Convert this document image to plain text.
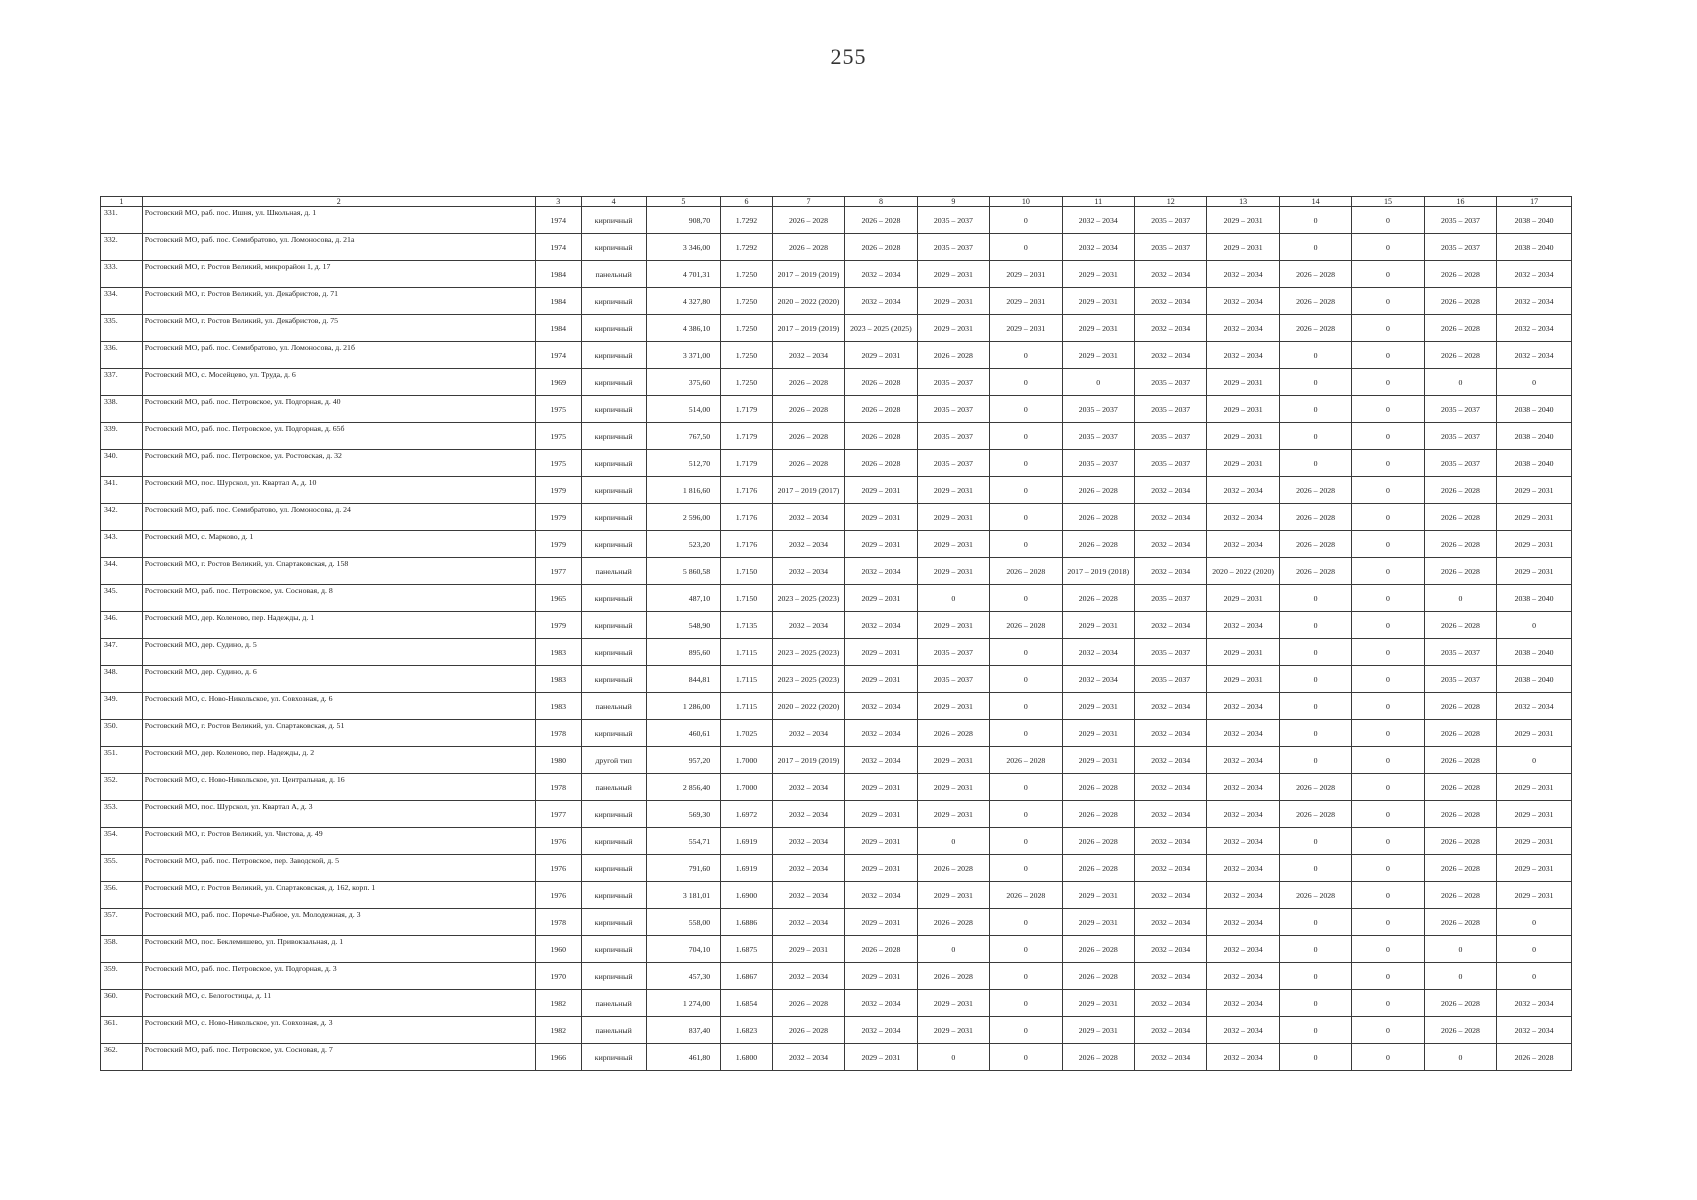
255
1	2	3	4	5	6	7	8	9	10	11	12	13	14	15	16	17
331.	Ростовский МО, раб. пос. Ишня, ул. Школьная, д. 1	1974	кирпичный	908,70	1.7292	2026 – 2028	2026 – 2028	2035 – 2037	0	2032 – 2034	2035 – 2037	2029 – 2031	0	0	2035 – 2037	2038 – 2040
332.	Ростовский МО, раб. пос. Семибратово, ул. Ломоносова, д. 21а	1974	кирпичный	3 346,00	1.7292	2026 – 2028	2026 – 2028	2035 – 2037	0	2032 – 2034	2035 – 2037	2029 – 2031	0	0	2035 – 2037	2038 – 2040
333.	Ростовский МО, г. Ростов Великий, микрорайон 1, д. 17	1984	панельный	4 701,31	1.7250	2017 – 2019 (2019)	2032 – 2034	2029 – 2031	2029 – 2031	2029 – 2031	2032 – 2034	2032 – 2034	2026 – 2028	0	2026 – 2028	2032 – 2034
334.	Ростовский МО, г. Ростов Великий, ул. Декабристов, д. 71	1984	кирпичный	4 327,80	1.7250	2020 – 2022 (2020)	2032 – 2034	2029 – 2031	2029 – 2031	2029 – 2031	2032 – 2034	2032 – 2034	2026 – 2028	0	2026 – 2028	2032 – 2034
335.	Ростовский МО, г. Ростов Великий, ул. Декабристов, д. 75	1984	кирпичный	4 386,10	1.7250	2017 – 2019 (2019)	2023 – 2025 (2025)	2029 – 2031	2029 – 2031	2029 – 2031	2032 – 2034	2032 – 2034	2026 – 2028	0	2026 – 2028	2032 – 2034
336.	Ростовский МО, раб. пос. Семибратово, ул. Ломоносова, д. 21б	1974	кирпичный	3 371,00	1.7250	2032 – 2034	2029 – 2031	2026 – 2028	0	2029 – 2031	2032 – 2034	2032 – 2034	0	0	2026 – 2028	2032 – 2034
337.	Ростовский МО, с. Мосейцево, ул. Труда, д. 6	1969	кирпичный	375,60	1.7250	2026 – 2028	2026 – 2028	2035 – 2037	0	0	2035 – 2037	2029 – 2031	0	0	0	0
338.	Ростовский МО, раб. пос. Петровское, ул. Подгорная, д. 40	1975	кирпичный	514,00	1.7179	2026 – 2028	2026 – 2028	2035 – 2037	0	2035 – 2037	2035 – 2037	2029 – 2031	0	0	2035 – 2037	2038 – 2040
339.	Ростовский МО, раб. пос. Петровское, ул. Подгорная, д. 65б	1975	кирпичный	767,50	1.7179	2026 – 2028	2026 – 2028	2035 – 2037	0	2035 – 2037	2035 – 2037	2029 – 2031	0	0	2035 – 2037	2038 – 2040
340.	Ростовский МО, раб. пос. Петровское, ул. Ростовская, д. 32	1975	кирпичный	512,70	1.7179	2026 – 2028	2026 – 2028	2035 – 2037	0	2035 – 2037	2035 – 2037	2029 – 2031	0	0	2035 – 2037	2038 – 2040
341.	Ростовский МО, пос. Шурскол, ул. Квартал А, д. 10	1979	кирпичный	1 816,60	1.7176	2017 – 2019 (2017)	2029 – 2031	2029 – 2031	0	2026 – 2028	2032 – 2034	2032 – 2034	2026 – 2028	0	2026 – 2028	2029 – 2031
342.	Ростовский МО, раб. пос. Семибратово, ул. Ломоносова, д. 24	1979	кирпичный	2 596,00	1.7176	2032 – 2034	2029 – 2031	2029 – 2031	0	2026 – 2028	2032 – 2034	2032 – 2034	2026 – 2028	0	2026 – 2028	2029 – 2031
343.	Ростовский МО, с. Марково, д. 1	1979	кирпичный	523,20	1.7176	2032 – 2034	2029 – 2031	2029 – 2031	0	2026 – 2028	2032 – 2034	2032 – 2034	2026 – 2028	0	2026 – 2028	2029 – 2031
344.	Ростовский МО, г. Ростов Великий, ул. Спартаковская, д. 158	1977	панельный	5 860,58	1.7150	2032 – 2034	2032 – 2034	2029 – 2031	2026 – 2028	2017 – 2019 (2018)	2032 – 2034	2020 – 2022 (2020)	2026 – 2028	0	2026 – 2028	2029 – 2031
345.	Ростовский МО, раб. пос. Петровское, ул. Сосновая, д. 8	1965	кирпичный	487,10	1.7150	2023 – 2025 (2023)	2029 – 2031	0	0	2026 – 2028	2035 – 2037	2029 – 2031	0	0	0	2038 – 2040
346.	Ростовский МО, дер. Коленово, пер. Надежды, д. 1	1979	кирпичный	548,90	1.7135	2032 – 2034	2032 – 2034	2029 – 2031	2026 – 2028	2029 – 2031	2032 – 2034	2032 – 2034	0	0	2026 – 2028	0
347.	Ростовский МО, дер. Судино, д. 5	1983	кирпичный	895,60	1.7115	2023 – 2025 (2023)	2029 – 2031	2035 – 2037	0	2032 – 2034	2035 – 2037	2029 – 2031	0	0	2035 – 2037	2038 – 2040
348.	Ростовский МО, дер. Судино, д. 6	1983	кирпичный	844,81	1.7115	2023 – 2025 (2023)	2029 – 2031	2035 – 2037	0	2032 – 2034	2035 – 2037	2029 – 2031	0	0	2035 – 2037	2038 – 2040
349.	Ростовский МО, с. Ново-Никольское, ул. Совхозная, д. 6	1983	панельный	1 286,00	1.7115	2020 – 2022 (2020)	2032 – 2034	2029 – 2031	0	2029 – 2031	2032 – 2034	2032 – 2034	0	0	2026 – 2028	2032 – 2034
350.	Ростовский МО, г. Ростов Великий, ул. Спартаковская, д. 51	1978	кирпичный	460,61	1.7025	2032 – 2034	2032 – 2034	2026 – 2028	0	2029 – 2031	2032 – 2034	2032 – 2034	0	0	2026 – 2028	2029 – 2031
351.	Ростовский МО, дер. Коленово, пер. Надежды, д. 2	1980	другой тип	957,20	1.7000	2017 – 2019 (2019)	2032 – 2034	2029 – 2031	2026 – 2028	2029 – 2031	2032 – 2034	2032 – 2034	0	0	2026 – 2028	0
352.	Ростовский МО, с. Ново-Никольское, ул. Центральная, д. 16	1978	панельный	2 856,40	1.7000	2032 – 2034	2029 – 2031	2029 – 2031	0	2026 – 2028	2032 – 2034	2032 – 2034	2026 – 2028	0	2026 – 2028	2029 – 2031
353.	Ростовский МО, пос. Шурскол, ул. Квартал А, д. 3	1977	кирпичный	569,30	1.6972	2032 – 2034	2029 – 2031	2029 – 2031	0	2026 – 2028	2032 – 2034	2032 – 2034	2026 – 2028	0	2026 – 2028	2029 – 2031
354.	Ростовский МО, г. Ростов Великий, ул. Чистова, д. 49	1976	кирпичный	554,71	1.6919	2032 – 2034	2029 – 2031	0	0	2026 – 2028	2032 – 2034	2032 – 2034	0	0	2026 – 2028	2029 – 2031
355.	Ростовский МО, раб. пос. Петровское, пер. Заводской, д. 5	1976	кирпичный	791,60	1.6919	2032 – 2034	2029 – 2031	2026 – 2028	0	2026 – 2028	2032 – 2034	2032 – 2034	0	0	2026 – 2028	2029 – 2031
356.	Ростовский МО, г. Ростов Великий, ул. Спартаковская, д. 162, корп. 1	1976	кирпичный	3 181,01	1.6900	2032 – 2034	2032 – 2034	2029 – 2031	2026 – 2028	2029 – 2031	2032 – 2034	2032 – 2034	2026 – 2028	0	2026 – 2028	2029 – 2031
357.	Ростовский МО, раб. пос. Поречье-Рыбное, ул. Молодежная, д. 3	1978	кирпичный	558,00	1.6886	2032 – 2034	2029 – 2031	2026 – 2028	0	2029 – 2031	2032 – 2034	2032 – 2034	0	0	2026 – 2028	0
358.	Ростовский МО, пос. Беклемишево, ул. Привокзальная, д. 1	1960	кирпичный	704,10	1.6875	2029 – 2031	2026 – 2028	0	0	2026 – 2028	2032 – 2034	2032 – 2034	0	0	0	0
359.	Ростовский МО, раб. пос. Петровское, ул. Подгорная, д. 3	1970	кирпичный	457,30	1.6867	2032 – 2034	2029 – 2031	2026 – 2028	0	2026 – 2028	2032 – 2034	2032 – 2034	0	0	0	0
360.	Ростовский МО, с. Белогостицы, д. 11	1982	панельный	1 274,00	1.6854	2026 – 2028	2032 – 2034	2029 – 2031	0	2029 – 2031	2032 – 2034	2032 – 2034	0	0	2026 – 2028	2032 – 2034
361.	Ростовский МО, с. Ново-Никольское, ул. Совхозная, д. 3	1982	панельный	837,40	1.6823	2026 – 2028	2032 – 2034	2029 – 2031	0	2029 – 2031	2032 – 2034	2032 – 2034	0	0	2026 – 2028	2032 – 2034
362.	Ростовский МО, раб. пос. Петровское, ул. Сосновая, д. 7	1966	кирпичный	461,80	1.6800	2032 – 2034	2029 – 2031	0	0	2026 – 2028	2032 – 2034	2032 – 2034	0	0	0	2026 – 2028
